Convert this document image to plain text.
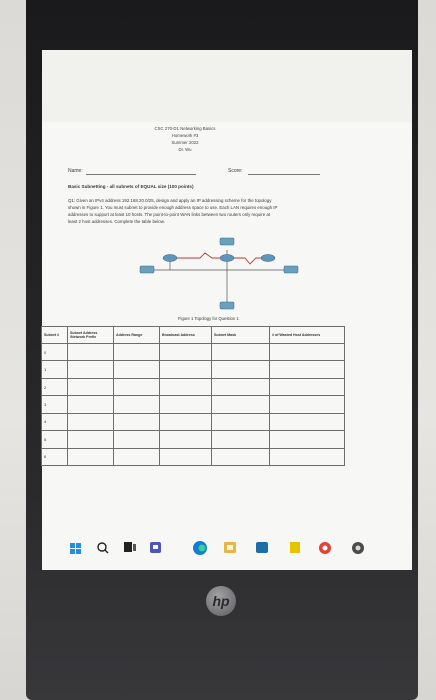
CSC 270-D1 Networking Basics
Homework #3
Summer 2022
Dr. Wu
Name:	Score:
Basic Subnetting - all subnets of EQUAL size (100 points)
Q1: Given an IPv4 address 192.168.20.0/25, design and apply an IP addressing scheme for the topology
shown in Figure 1. You must subnet to provide enough address space to use. Each LAN requires enough IP
addresses to support at least 10 hosts. The point-to-point WAN links between two routers only require at
least 2 host addresses. Complete the table below.
Figure 1 Topology for Question 1
Subnet #	Subnet Address /Network Prefix	Address Range	Broadcast Address	Subnet Mask	# of Wasted Host Addresses
0					
1					
2					
3					
4					
5					
6					
hp
